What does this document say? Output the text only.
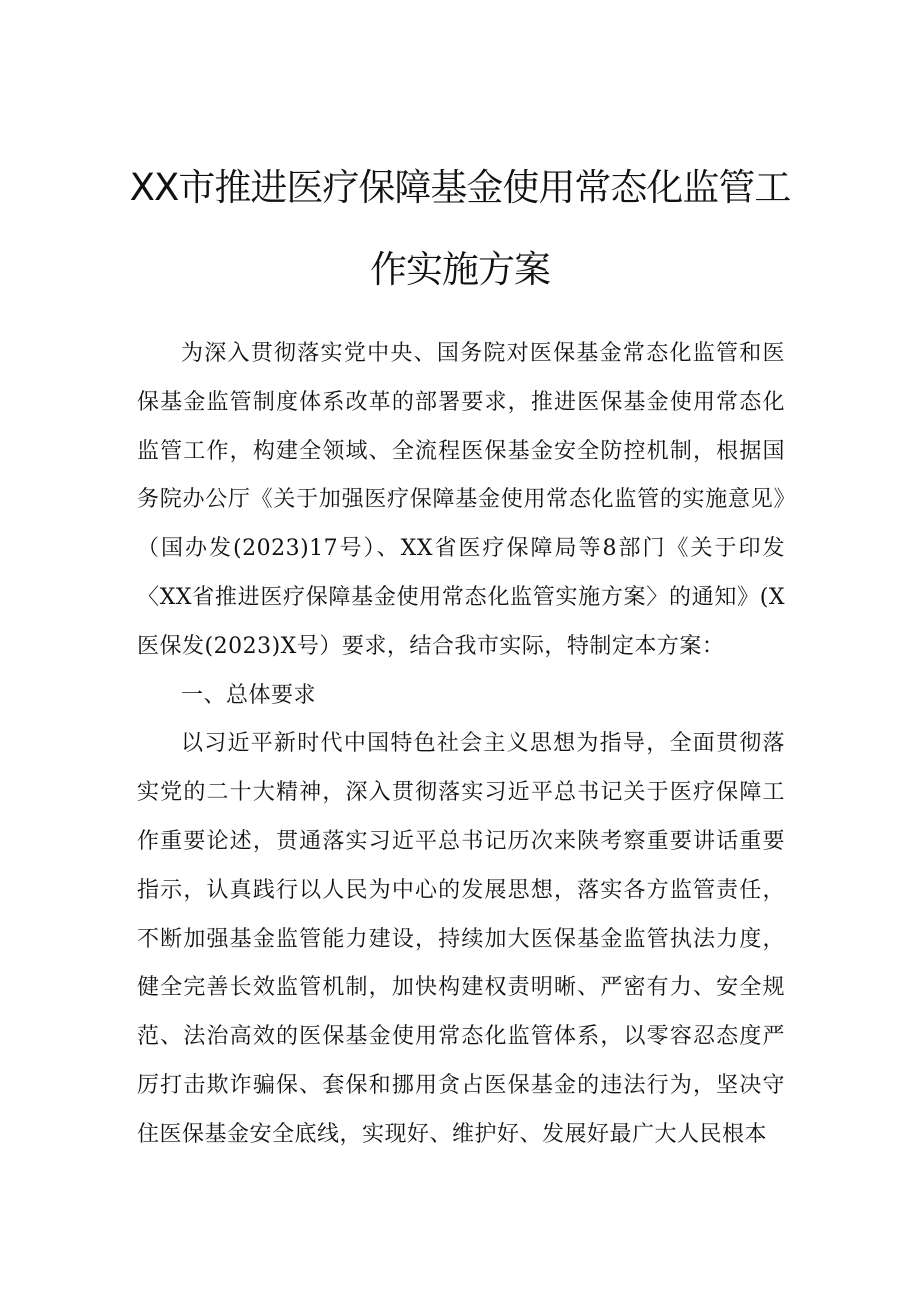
XX市推进医疗保障基金使用常态化监管工
作实施方案

为深入贯彻落实党中央、国务院对医保基金常态化监管和医保基金监管制度体系改革的部署要求，推进医保基金使用常态化监管工作，构建全领域、全流程医保基金安全防控机制，根据国务院办公厅《关于加强医疗保障基金使用常态化监管的实施意见》（国办发(2023)17号）、XX省医疗保障局等8部门《关于印发〈XX省推进医疗保障基金使用常态化监管实施方案〉的通知》(X医保发(2023)X号）要求，结合我市实际，特制定本方案：

一、总体要求

以习近平新时代中国特色社会主义思想为指导，全面贯彻落实党的二十大精神，深入贯彻落实习近平总书记关于医疗保障工作重要论述，贯通落实习近平总书记历次来陕考察重要讲话重要指示，认真践行以人民为中心的发展思想，落实各方监管责任，不断加强基金监管能力建设，持续加大医保基金监管执法力度，健全完善长效监管机制，加快构建权责明晰、严密有力、安全规范、法治高效的医保基金使用常态化监管体系，以零容忍态度严厉打击欺诈骗保、套保和挪用贪占医保基金的违法行为，坚决守住医保基金安全底线，实现好、维护好、发展好最广大人民根本
